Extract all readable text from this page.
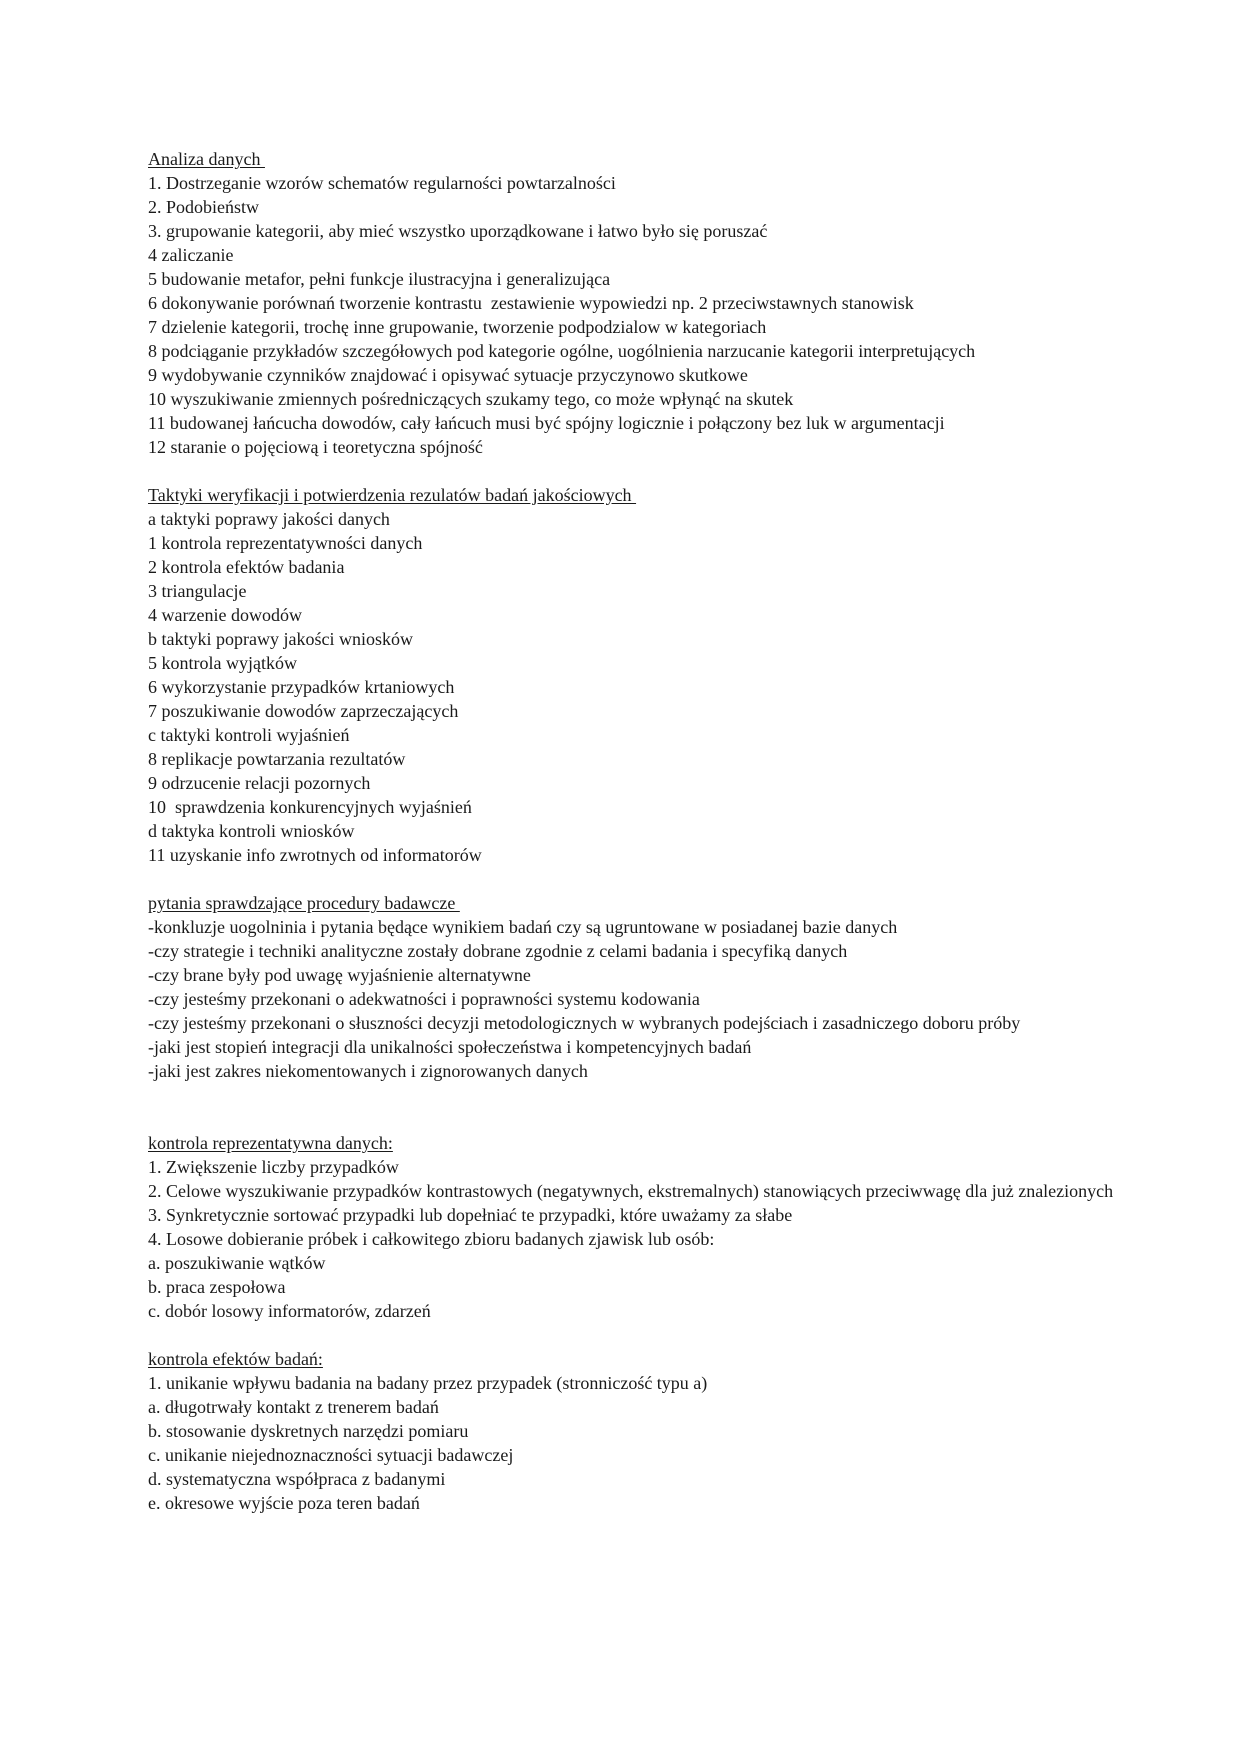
Analiza danych
1. Dostrzeganie wzorów schematów regularności powtarzalności
2. Podobieństw
3. grupowanie kategorii, aby mieć wszystko uporządkowane i łatwo było się poruszać
4 zaliczanie
5 budowanie metafor, pełni funkcje ilustracyjna i generalizująca
6 dokonywanie porównań tworzenie kontrastu  zestawienie wypowiedzi np. 2 przeciwstawnych stanowisk
7 dzielenie kategorii, trochę inne grupowanie, tworzenie podpodzialow w kategoriach
8 podciąganie przykładów szczegółowych pod kategorie ogólne, uogólnienia narzucanie kategorii interpretujących
9 wydobywanie czynników znajdować i opisywać sytuacje przyczynowo skutkowe
10 wyszukiwanie zmiennych pośredniczących szukamy tego, co może wpłynąć na skutek
11 budowanej łańcucha dowodów, cały łańcuch musi być spójny logicznie i połączony bez luk w argumentacji
12 staranie o pojęciową i teoretyczna spójność
Taktyki weryfikacji i potwierdzenia rezulatów badań jakościowych
a taktyki poprawy jakości danych
1 kontrola reprezentatywności danych
2 kontrola efektów badania
3 triangulacje
4 warzenie dowodów
b taktyki poprawy jakości wniosków
5 kontrola wyjątków
6 wykorzystanie przypadków krtaniowych
7 poszukiwanie dowodów zaprzeczających
c taktyki kontroli wyjaśnień
8 replikacje powtarzania rezultatów
9 odrzucenie relacji pozornych
10  sprawdzenia konkurencyjnych wyjaśnień
d taktyka kontroli wniosków
11 uzyskanie info zwrotnych od informatorów
pytania sprawdzające procedury badawcze
-konkluzje uogolninia i pytania będące wynikiem badań czy są ugruntowane w posiadanej bazie danych
-czy strategie i techniki analityczne zostały dobrane zgodnie z celami badania i specyfiką danych
-czy brane były pod uwagę wyjaśnienie alternatywne
-czy jesteśmy przekonani o adekwatności i poprawności systemu kodowania
-czy jesteśmy przekonani o słuszności decyzji metodologicznych w wybranych podejściach i zasadniczego doboru próby
-jaki jest stopień integracji dla unikalności społeczeństwa i kompetencyjnych badań
-jaki jest zakres niekomentowanych i zignorowanych danych
kontrola reprezentatywna danych:
1. Zwiększenie liczby przypadków
2. Celowe wyszukiwanie przypadków kontrastowych (negatywnych, ekstremalnych) stanowiących przeciwwagę dla już znalezionych
3. Synkretycznie sortować przypadki lub dopełniać te przypadki, które uważamy za słabe
4. Losowe dobieranie próbek i całkowitego zbioru badanych zjawisk lub osób:
a. poszukiwanie wątków
b. praca zespołowa
c. dobór losowy informatorów, zdarzeń
kontrola efektów badań:
1. unikanie wpływu badania na badany przez przypadek (stronniczość typu a)
a. długotrwały kontakt z trenerem badań
b. stosowanie dyskretnych narzędzi pomiaru
c. unikanie niejednoznaczności sytuacji badawczej
d. systematyczna współpraca z badanymi
e. okresowe wyjście poza teren badań
